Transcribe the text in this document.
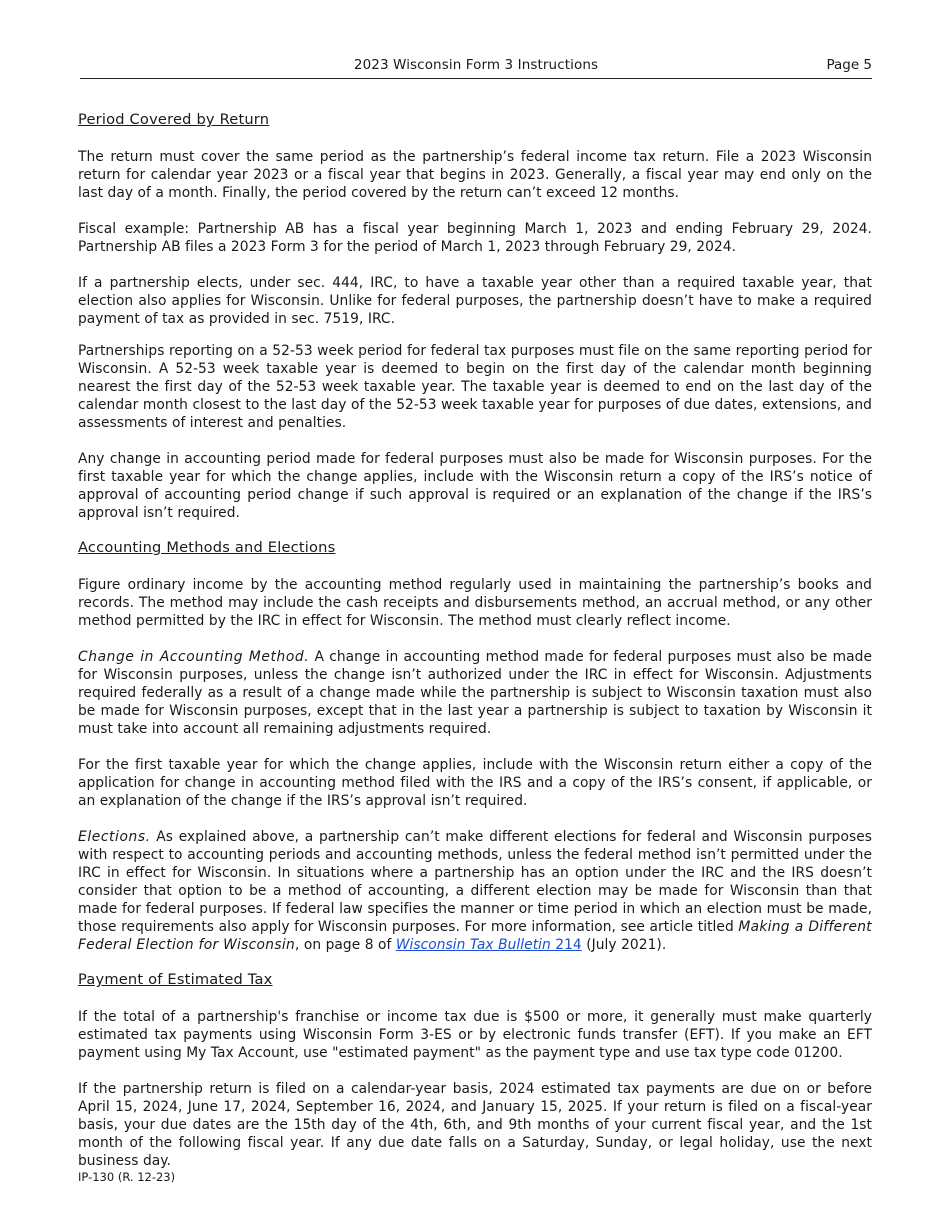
2023 Wisconsin Form 3 Instructions	Page 5
Period Covered by Return

The return must cover the same period as the partnership’s federal income tax return. File a 2023 Wisconsin return for calendar year 2023 or a fiscal year that begins in 2023. Generally, a fiscal year may end only on the last day of a month. Finally, the period covered by the return can’t exceed 12 months.

Fiscal example: Partnership AB has a fiscal year beginning March 1, 2023 and ending February 29, 2024. Partnership AB files a 2023 Form 3 for the period of March 1, 2023 through February 29, 2024.

If a partnership elects, under sec. 444, IRC, to have a taxable year other than a required taxable year, that election also applies for Wisconsin. Unlike for federal purposes, the partnership doesn’t have to make a required payment of tax as provided in sec. 7519, IRC.

Partnerships reporting on a 52-53 week period for federal tax purposes must file on the same reporting period for Wisconsin. A 52-53 week taxable year is deemed to begin on the first day of the calendar month beginning nearest the first day of the 52-53 week taxable year. The taxable year is deemed to end on the last day of the calendar month closest to the last day of the 52-53 week taxable year for purposes of due dates, extensions, and assessments of interest and penalties.

Any change in accounting period made for federal purposes must also be made for Wisconsin purposes. For the first taxable year for which the change applies, include with the Wisconsin return a copy of the IRS’s notice of approval of accounting period change if such approval is required or an explanation of the change if the IRS’s approval isn’t required.

Accounting Methods and Elections

Figure ordinary income by the accounting method regularly used in maintaining the partnership’s books and records. The method may include the cash receipts and disbursements method, an accrual method, or any other method permitted by the IRC in effect for Wisconsin. The method must clearly reflect income.

Change in Accounting Method. A change in accounting method made for federal purposes must also be made for Wisconsin purposes, unless the change isn’t authorized under the IRC in effect for Wisconsin. Adjustments required federally as a result of a change made while the partnership is subject to Wisconsin taxation must also be made for Wisconsin purposes, except that in the last year a partnership is subject to taxation by Wisconsin it must take into account all remaining adjustments required.

For the first taxable year for which the change applies, include with the Wisconsin return either a copy of the application for change in accounting method filed with the IRS and a copy of the IRS’s consent, if applicable, or an explanation of the change if the IRS’s approval isn’t required.

Elections. As explained above, a partnership can’t make different elections for federal and Wisconsin purposes with respect to accounting periods and accounting methods, unless the federal method isn’t permitted under the IRC in effect for Wisconsin. In situations where a partnership has an option under the IRC and the IRS doesn’t consider that option to be a method of accounting, a different election may be made for Wisconsin than that made for federal purposes. If federal law specifies the manner or time period in which an election must be made, those requirements also apply for Wisconsin purposes. For more information, see article titled Making a Different Federal Election for Wisconsin, on page 8 of Wisconsin Tax Bulletin 214 (July 2021).

Payment of Estimated Tax

If the total of a partnership's franchise or income tax due is $500 or more, it generally must make quarterly estimated tax payments using Wisconsin Form 3-ES or by electronic funds transfer (EFT). If you make an EFT payment using My Tax Account, use "estimated payment" as the payment type and use tax type code 01200.

If the partnership return is filed on a calendar-year basis, 2024 estimated tax payments are due on or before April 15, 2024, June 17, 2024, September 16, 2024, and January 15, 2025. If your return is filed on a fiscal-year basis, your due dates are the 15th day of the 4th, 6th, and 9th months of your current fiscal year, and the 1st month of the following fiscal year. If any due date falls on a Saturday, Sunday, or legal holiday, use the next business day.

IP-130 (R. 12-23)
